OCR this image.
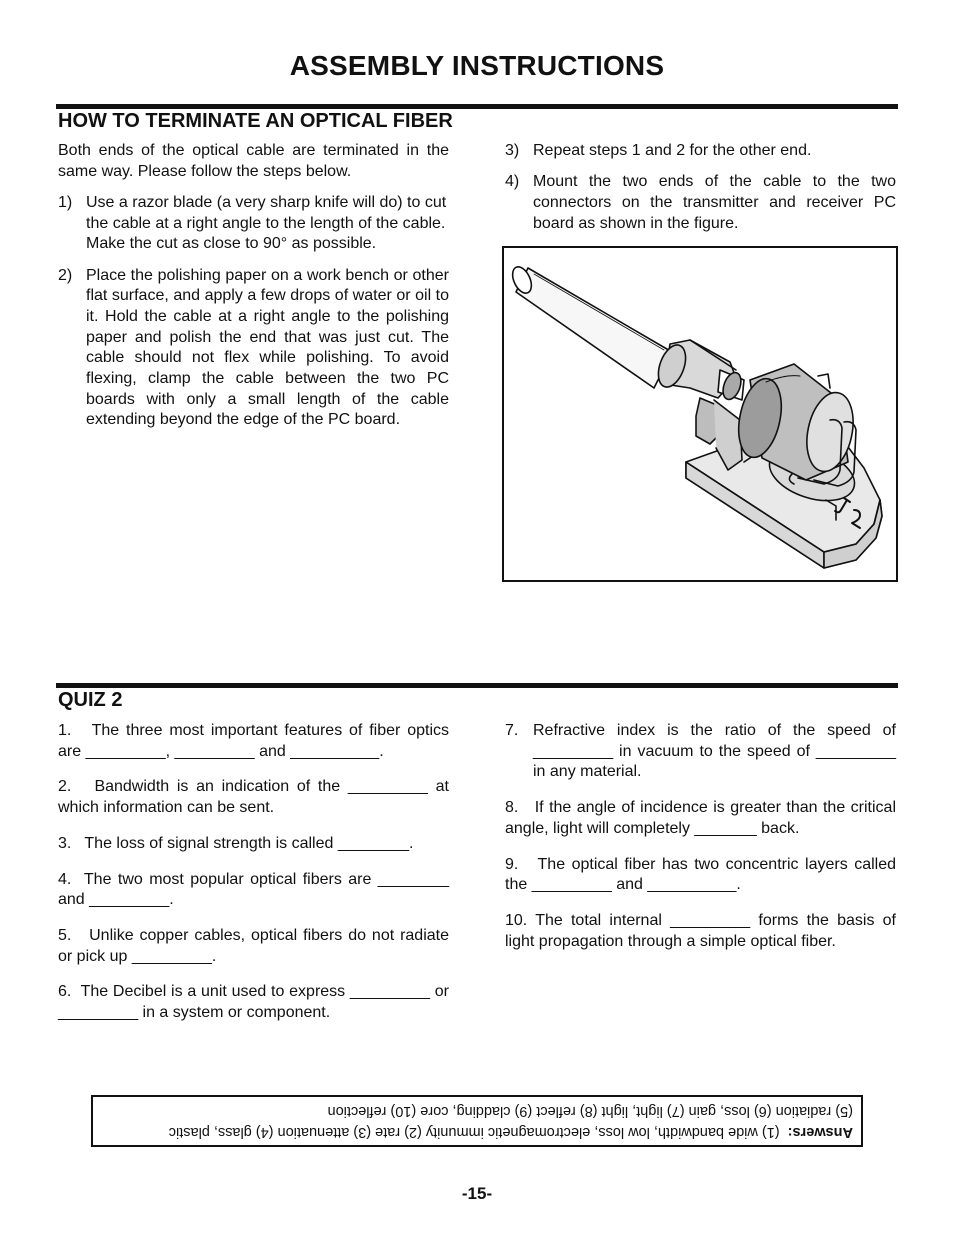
ASSEMBLY INSTRUCTIONS
HOW TO TERMINATE AN OPTICAL FIBER

Both ends of the optical cable are terminated in the same way. Please follow the steps below.

1) Use a razor blade (a very sharp knife will do) to cut the cable at a right angle to the length of the cable. Make the cut as close to 90° as possible.
2) Place the polishing paper on a work bench or other flat surface, and apply a few drops of water or oil to it. Hold the cable at a right angle to the polishing paper and polish the end that was just cut. The cable should not flex while polishing. To avoid flexing, clamp the cable between the two PC boards with only a small length of the cable extending beyond the edge of the PC board.
3) Repeat steps 1 and 2 for the other end.
4) Mount the two ends of the cable to the two connectors on the transmitter and receiver PC board as shown in the figure.
QUIZ 2
1. The three most important features of fiber optics are _________, _________ and __________.
2. Bandwidth is an indication of the _________ at which information can be sent.
3. The loss of signal strength is called ________.
4. The two most popular optical fibers are ________ and _________.
5. Unlike copper cables, optical fibers do not radiate or pick up _________.
6. The Decibel is a unit used to express _________ or _________ in a system or component.
7. Refractive index is the ratio of the speed of _________ in vacuum to the speed of _________ in any material.
8. If the angle of incidence is greater than the critical angle, light will completely _______ back.
9. The optical fiber has two concentric layers called the _________ and __________.
10. The total internal _________ forms the basis of light propagation through a simple optical fiber.
Answers:  (1) wide bandwidth, low loss, electromagnetic immunity (2) rate (3) attenuation (4) glass, plastic
(5) radiation (6) loss, gain (7) light, light (8) reflect (9) cladding, core (10) reflection
-15-
